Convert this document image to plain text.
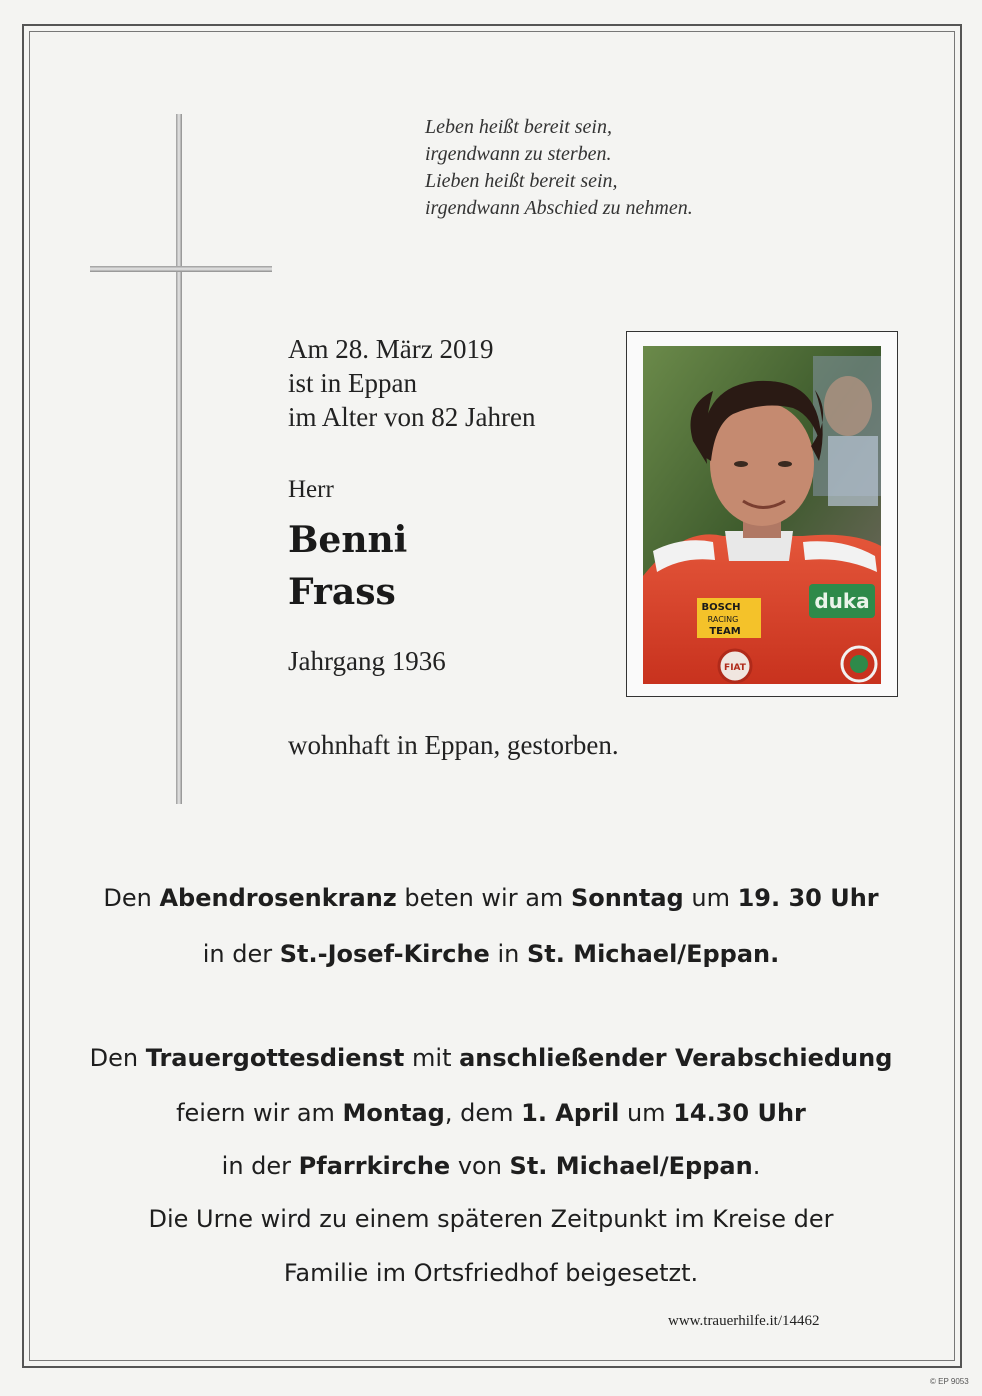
Leben heißt bereit sein,
irgendwann zu sterben.
Lieben heißt bereit sein,
irgendwann Abschied zu nehmen.
Am 28. März 2019
ist in Eppan
im Alter von 82 Jahren
Herr
Benni
Frass
Jahrgang 1936
wohnhaft in Eppan, gestorben.
duka
BOSCH
RACING
TEAM
FIAT
Den Abendrosenkranz beten wir am Sonntag um 19. 30 Uhr
in der St.-Josef-Kirche in St. Michael/Eppan.
Den Trauergottesdienst mit anschließender Verabschiedung
feiern wir am Montag, dem 1. April um 14.30 Uhr
in der Pfarrkirche von St. Michael/Eppan.
Die Urne wird zu einem späteren Zeitpunkt im Kreise der
Familie im Ortsfriedhof beigesetzt.
www.trauerhilfe.it/14462
© EP 9053
